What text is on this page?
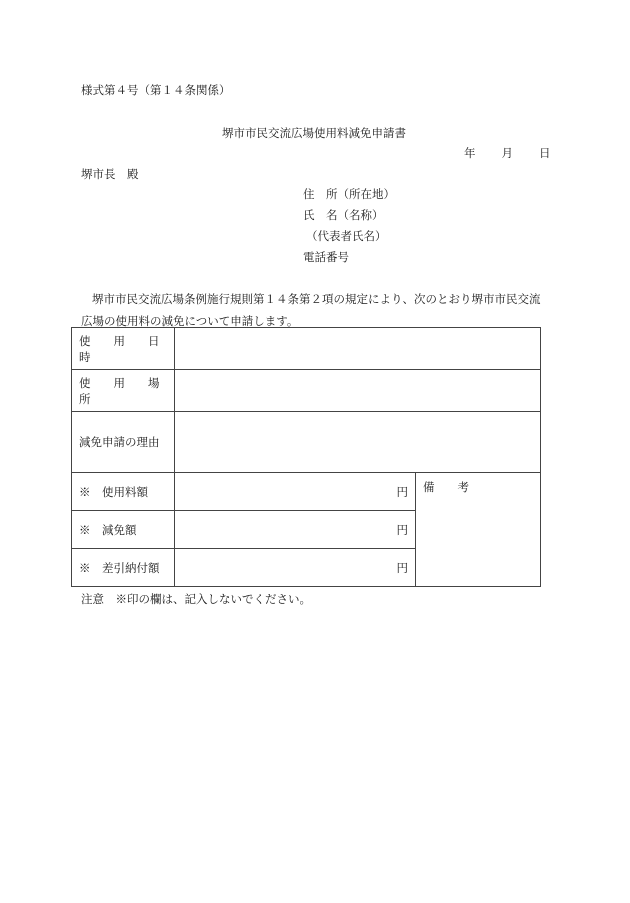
様式第４号（第１４条関係）
堺市市民交流広場使用料減免申請書
年 月 日
堺市長　殿
住　所（所在地）
氏　名（名称）
（代表者氏名）
電話番号
堺市市民交流広場条例施行規則第１４条第２項の規定により、次のとおり堺市市民交流広場の使用料の減免について申請します。
使　　用　　日　　時		
使　　用　　場　　所		
減免申請の理由		
※　使用料額	円	備　　考
※　減免額	円	

※　差引納付額	円	
注意　※印の欄は、記入しないでください。
